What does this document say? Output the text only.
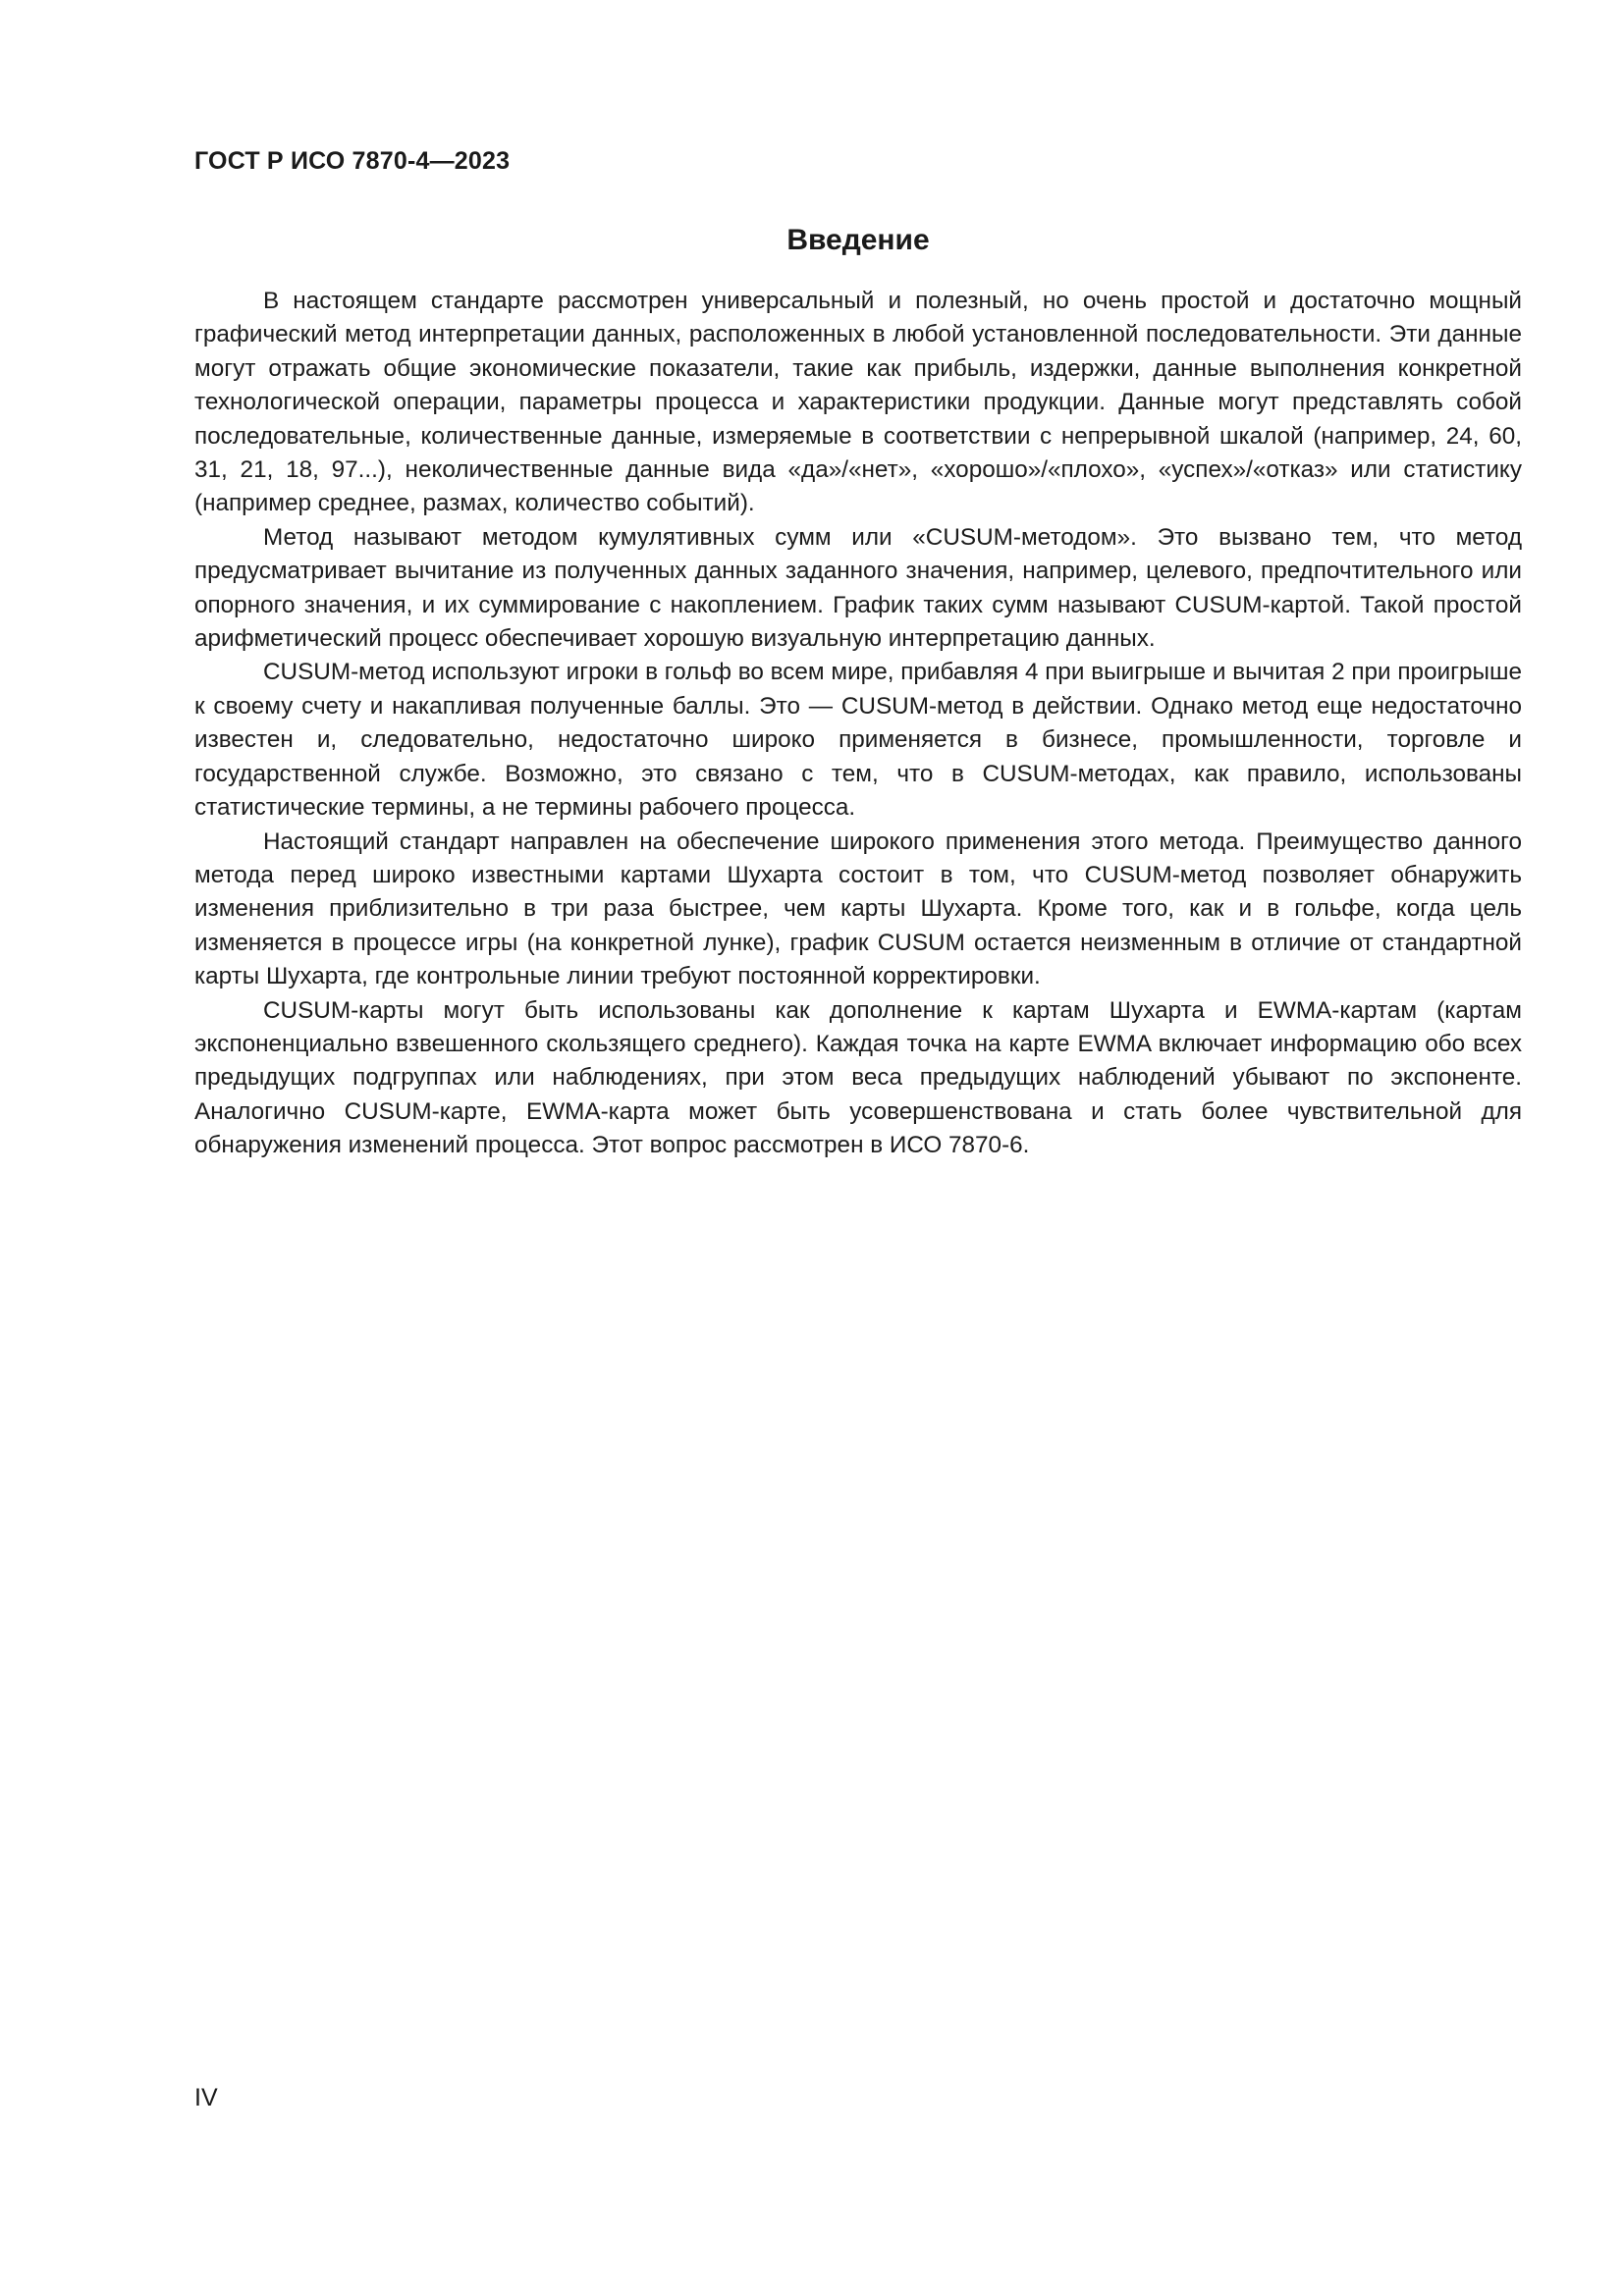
ГОСТ Р ИСО 7870-4—2023
Введение

В настоящем стандарте рассмотрен универсальный и полезный, но очень простой и достаточно мощный графический метод интерпретации данных, расположенных в любой установленной последовательности. Эти данные могут отражать общие экономические показатели, такие как прибыль, издержки, данные выполнения конкретной технологической операции, параметры процесса и характеристики продукции. Данные могут представлять собой последовательные, количественные данные, измеряемые в соответствии с непрерывной шкалой (например, 24, 60, 31, 21, 18, 97...), неколичественные данные вида «да»/«нет», «хорошо»/«плохо», «успех»/«отказ» или статистику (например среднее, размах, количество событий).

Метод называют методом кумулятивных сумм или «CUSUM-методом». Это вызвано тем, что метод предусматривает вычитание из полученных данных заданного значения, например, целевого, предпочтительного или опорного значения, и их суммирование с накоплением. График таких сумм называют CUSUM-картой. Такой простой арифметический процесс обеспечивает хорошую визуальную интерпретацию данных.

CUSUM-метод используют игроки в гольф во всем мире, прибавляя 4 при выигрыше и вычитая 2 при проигрыше к своему счету и накапливая полученные баллы. Это — CUSUM-метод в действии. Однако метод еще недостаточно известен и, следовательно, недостаточно широко применяется в бизнесе, промышленности, торговле и государственной службе. Возможно, это связано с тем, что в CUSUM-методах, как правило, использованы статистические термины, а не термины рабочего процесса.

Настоящий стандарт направлен на обеспечение широкого применения этого метода. Преимущество данного метода перед широко известными картами Шухарта состоит в том, что CUSUM-метод позволяет обнаружить изменения приблизительно в три раза быстрее, чем карты Шухарта. Кроме того, как и в гольфе, когда цель изменяется в процессе игры (на конкретной лунке), график CUSUM остается неизменным в отличие от стандартной карты Шухарта, где контрольные линии требуют постоянной корректировки.

CUSUM-карты могут быть использованы как дополнение к картам Шухарта и EWMA-картам (картам экспоненциально взвешенного скользящего среднего). Каждая точка на карте EWMA включает информацию обо всех предыдущих подгруппах или наблюдениях, при этом веса предыдущих наблюдений убывают по экспоненте. Аналогично CUSUM-карте, EWMA-карта может быть усовершенствована и стать более чувствительной для обнаружения изменений процесса. Этот вопрос рассмотрен в ИСО 7870-6.

IV
